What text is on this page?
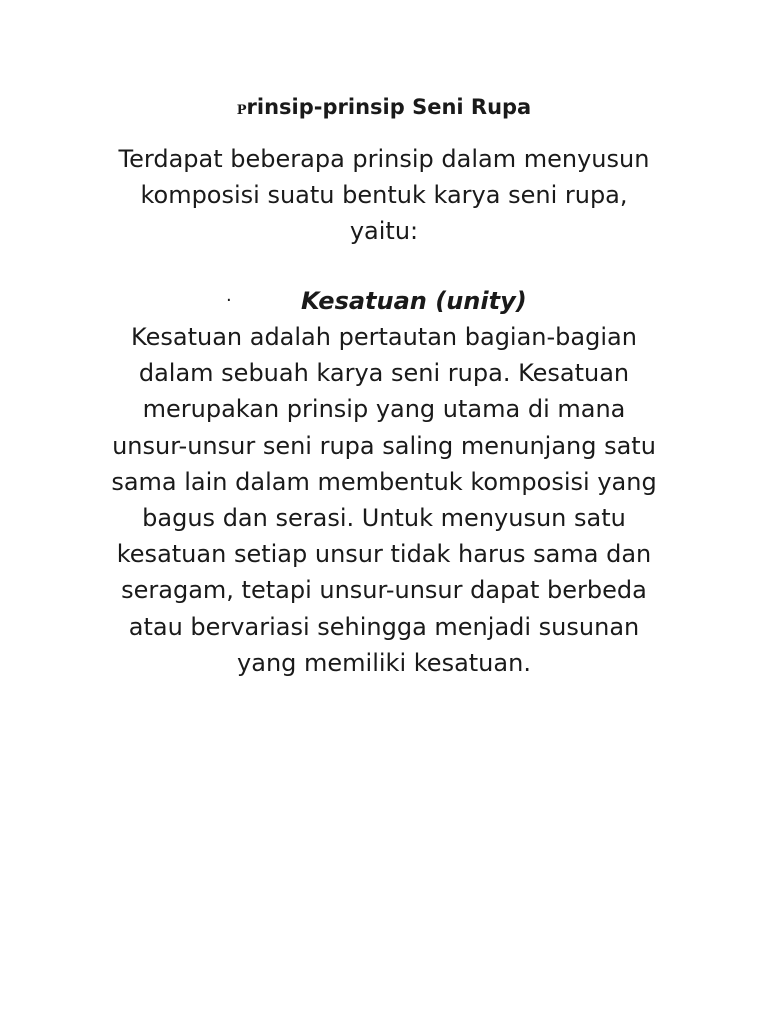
Prinsip-prinsip Seni Rupa

Terdapat beberapa prinsip dalam menyusun
komposisi suatu bentuk karya seni rupa,
yaitu:

·	Kesatuan (unity)

Kesatuan adalah pertautan bagian-bagian
dalam sebuah karya seni rupa. Kesatuan
merupakan prinsip yang utama di mana
unsur-unsur seni rupa saling menunjang satu
sama lain dalam membentuk komposisi yang
bagus dan serasi. Untuk menyusun satu
kesatuan setiap unsur tidak harus sama dan
seragam, tetapi unsur-unsur dapat berbeda
atau bervariasi sehingga menjadi susunan
yang memiliki kesatuan.
